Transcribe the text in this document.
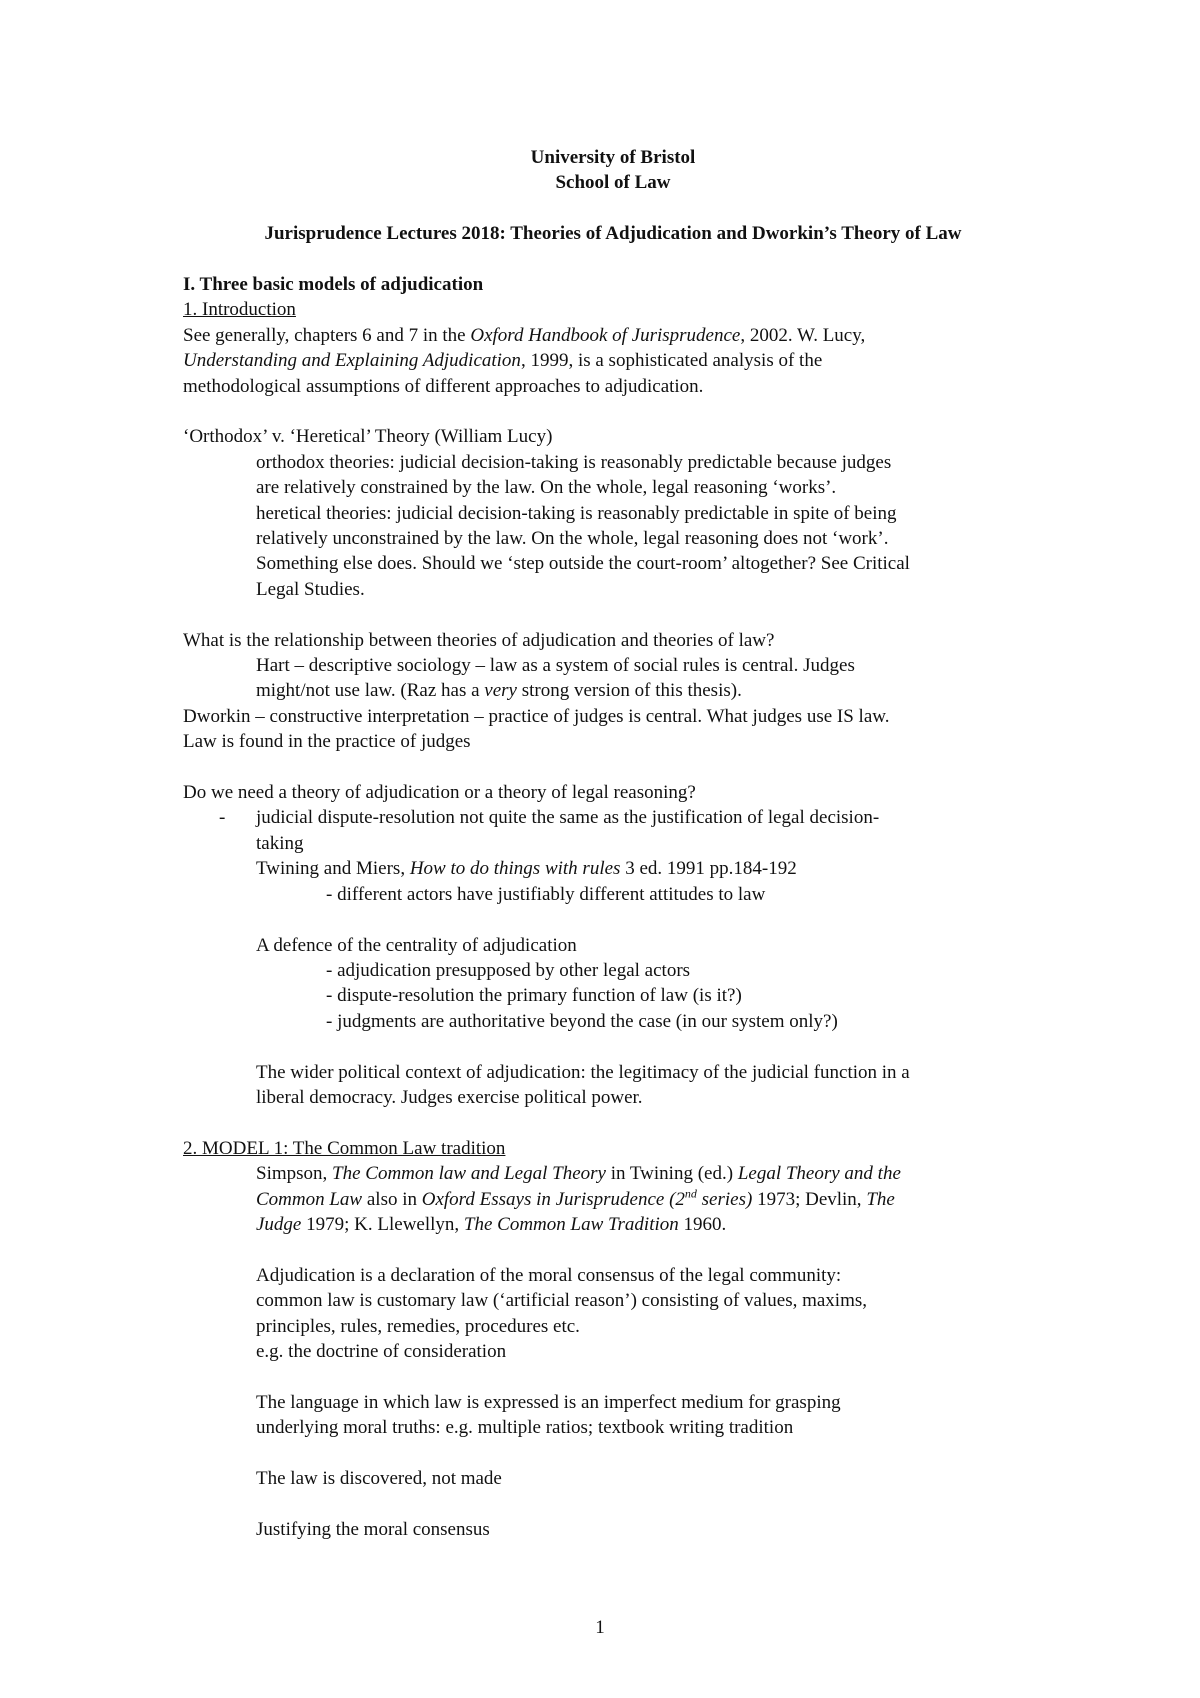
University of Bristol
School of Law
Jurisprudence Lectures 2018: Theories of Adjudication and Dworkin’s Theory of Law
I. Three basic models of adjudication
1. Introduction
See generally, chapters 6 and 7 in the Oxford Handbook of Jurisprudence, 2002. W. Lucy,
Understanding and Explaining Adjudication, 1999, is a sophisticated analysis of the
methodological assumptions of different approaches to adjudication.
‘Orthodox’ v. ‘Heretical’ Theory (William Lucy)
orthodox theories: judicial decision-taking is reasonably predictable because judges
are relatively constrained by the law. On the whole, legal reasoning ‘works’.
heretical theories: judicial decision-taking is reasonably predictable in spite of being
relatively unconstrained by the law. On the whole, legal reasoning does not ‘work’.
Something else does. Should we ‘step outside the court-room’ altogether? See Critical
Legal Studies.
What is the relationship between theories of adjudication and theories of law?
Hart – descriptive sociology – law as a system of social rules is central. Judges
might/not use law. (Raz has a very strong version of this thesis).
Dworkin – constructive interpretation – practice of judges is central. What judges use IS law.
Law is found in the practice of judges
Do we need a theory of adjudication or a theory of legal reasoning?
- judicial dispute-resolution not quite the same as the justification of legal decision-
taking
Twining and Miers, How to do things with rules 3 ed. 1991 pp.184-192
- different actors have justifiably different attitudes to law
A defence of the centrality of adjudication
- adjudication presupposed by other legal actors
- dispute-resolution the primary function of law (is it?)
- judgments are authoritative beyond the case (in our system only?)
The wider political context of adjudication: the legitimacy of the judicial function in a
liberal democracy. Judges exercise political power.
2. MODEL 1: The Common Law tradition
Simpson, The Common law and Legal Theory in Twining (ed.) Legal Theory and the
Common Law also in Oxford Essays in Jurisprudence (2nd series) 1973; Devlin, The
Judge 1979; K. Llewellyn, The Common Law Tradition 1960.
Adjudication is a declaration of the moral consensus of the legal community:
common law is customary law (‘artificial reason’) consisting of values, maxims,
principles, rules, remedies, procedures etc.
e.g. the doctrine of consideration
The language in which law is expressed is an imperfect medium for grasping
underlying moral truths: e.g. multiple ratios; textbook writing tradition
The law is discovered, not made
Justifying the moral consensus
1
